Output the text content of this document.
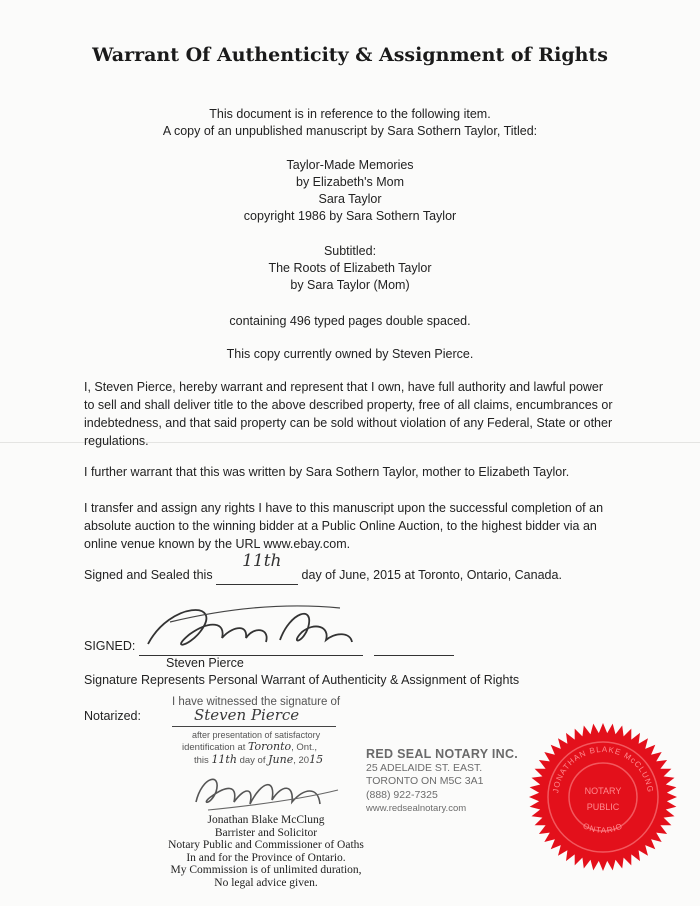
Warrant Of Authenticity & Assignment of Rights
This document is in reference to the following item.
A copy of an unpublished manuscript by Sara Sothern Taylor, Titled:
Taylor-Made Memories
by Elizabeth's Mom
Sara Taylor
copyright 1986 by Sara Sothern Taylor
Subtitled:
The Roots of Elizabeth Taylor
by Sara Taylor (Mom)
containing 496 typed pages double spaced.
This copy currently owned by Steven Pierce.
I, Steven Pierce, hereby warrant and represent that I own, have full authority and lawful power
to sell and shall deliver title to the above described property, free of all claims, encumbrances or
indebtedness, and that said property can be sold without violation of any Federal, State or other
regulations.
I further warrant that this was written by Sara Sothern Taylor, mother to Elizabeth Taylor.
I transfer and assign any rights I have to this manuscript upon the successful completion of an
absolute auction to the winning bidder at a Public Online Auction, to the highest bidder via an
online venue known by the URL www.ebay.com.
Signed and Sealed this
11th
day of June, 2015 at Toronto, Ontario, Canada.
SIGNED:
Steven Pierce
Signature Represents Personal Warrant of Authenticity & Assignment of Rights
Notarized:
I have witnessed the signature of
Steven Pierce
after presentation of satisfactory
identification at Toronto, Ont.,
this 11th day of June, 2015
Jonathan Blake McClung
Barrister and Solicitor
Notary Public and Commissioner of Oaths
In and for the Province of Ontario.
My Commission is of unlimited duration,
No legal advice given.
RED SEAL NOTARY INC.
25 ADELAIDE ST. EAST.
TORONTO ON M5C 3A1
(888) 922-7325
www.redsealnotary.com
JONATHAN BLAKE McCLUNG
NOTARY
PUBLIC
ONTARIO
